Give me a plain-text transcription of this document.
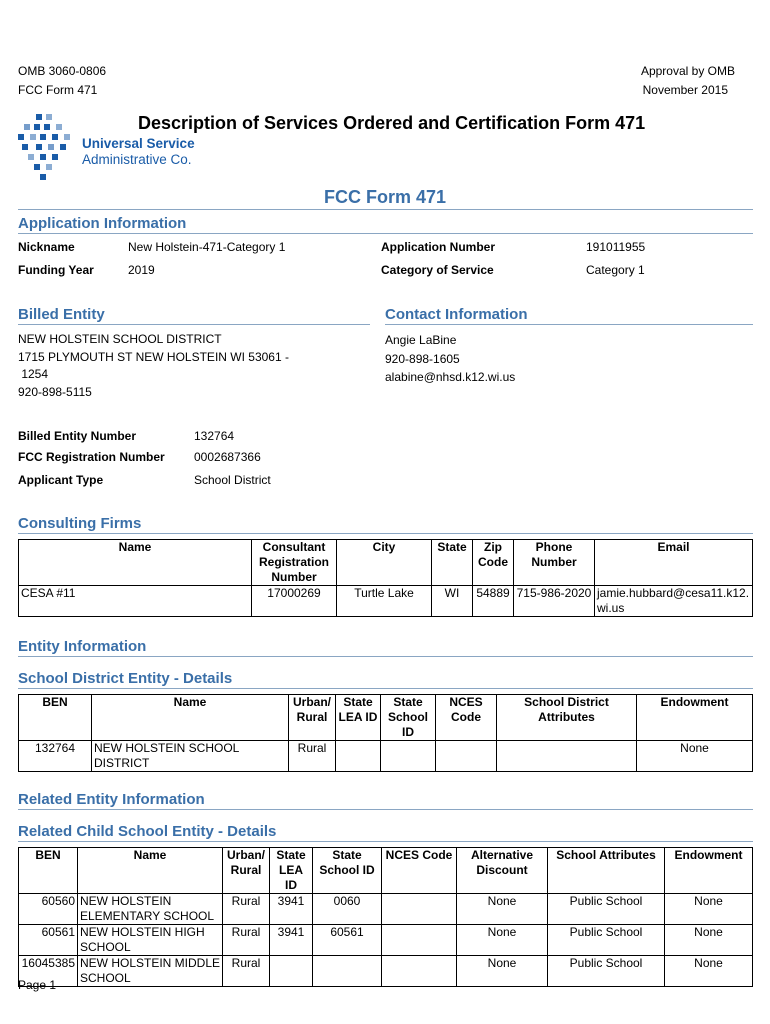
OMB 3060-0806
FCC Form 471
Approval by OMB
November 2015
Universal Service
Administrative Co.
Description of Services Ordered and Certification Form 471
FCC Form 471
Application Information
Nickname	New Holstein-471-Category 1	Application Number	191011955
Funding Year	2019	Category of Service	Category 1
Billed Entity
NEW HOLSTEIN SCHOOL DISTRICT
1715 PLYMOUTH ST NEW HOLSTEIN WI 53061 -
1254
920-898-5115
Contact Information
Angie LaBine
920-898-1605
alabine@nhsd.k12.wi.us
Billed Entity Number	132764
FCC Registration Number 0002687366
Applicant Type	School District
Consulting Firms
Name	Consultant Registration Number	City	State	Zip Code	Phone Number	Email
CESA #11	17000269	Turtle Lake	WI	54889	715-986-2020	jamie.hubbard@cesa11.k12.wi.us
Entity Information
School District Entity - Details
BEN	Name	Urban/ Rural	State LEA ID	State School ID	NCES Code	School District Attributes	Endowment
132764	NEW HOLSTEIN SCHOOL DISTRICT	Rural					None
Related Entity Information
Related Child School Entity - Details
BEN	Name	Urban/ Rural	State LEA ID	State School ID	NCES Code	Alternative Discount	School Attributes	Endowment
60560	NEW HOLSTEIN ELEMENTARY SCHOOL	Rural	3941	0060		None	Public School	None
60561	NEW HOLSTEIN HIGH SCHOOL	Rural	3941	60561		None	Public School	None
16045385	NEW HOLSTEIN MIDDLE SCHOOL	Rural				None	Public School	None
Page 1
